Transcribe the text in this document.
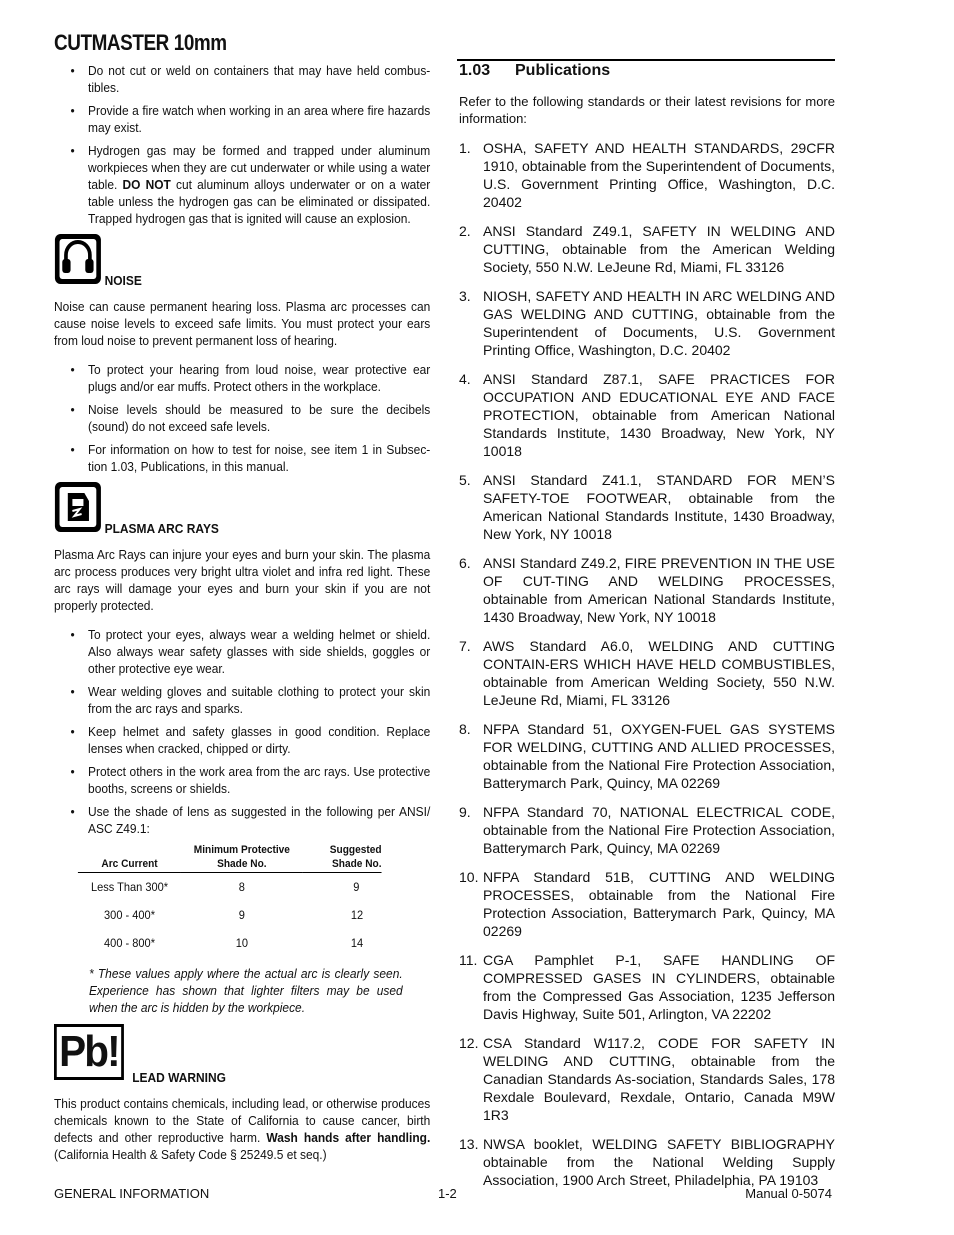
CUTMASTER 10mm
• Do not cut or weld on containers that may have held combus-tibles.
• Provide a fire watch when working in an area where fire hazards may exist.
• Hydrogen gas may be formed and trapped under aluminum workpieces when they are cut underwater or while using a water table. DO NOT cut aluminum alloys underwater or on a water table unless the hydrogen gas can be eliminated or dissipated. Trapped hydrogen gas that is ignited will cause an explosion.
NOISE

Noise can cause permanent hearing loss. Plasma arc processes can cause noise levels to exceed safe limits. You must protect your ears from loud noise to prevent permanent loss of hearing.

• To protect your hearing from loud noise, wear protective ear plugs and/or ear muffs. Protect others in the workplace.
• Noise levels should be measured to be sure the decibels (sound) do not exceed safe levels.
• For information on how to test for noise, see item 1 in Subsec-tion 1.03, Publications, in this manual.
PLASMA ARC RAYS

Plasma Arc Rays can injure your eyes and burn your skin. The plasma arc process produces very bright ultra violet and infra red light. These arc rays will damage your eyes and burn your skin if you are not properly protected.

• To protect your eyes, always wear a welding helmet or shield. Also always wear safety glasses with side shields, goggles or other protective eye wear.
• Wear welding gloves and suitable clothing to protect your skin from the arc rays and sparks.
• Keep helmet and safety glasses in good condition. Replace lenses when cracked, chipped or dirty.
• Protect others in the work area from the arc rays. Use protective booths, screens or shields.
• Use the shade of lens as suggested in the following per ANSI/ ASC Z49.1:
Arc Current	Minimum Protective Shade No.	Suggested Shade No.
Less Than 300*	8	9
300 - 400*	9	12
400 - 800*	10	14

* These values apply where the actual arc is clearly seen. Experience has shown that lighter filters may be used when the arc is hidden by the workpiece.

Pb!
LEAD WARNING

This product contains chemicals, including lead, or otherwise produces chemicals known to the State of California to cause cancer, birth defects and other reproductive harm. Wash hands after handling. (California Health & Safety Code § 25249.5 et seq.)

1.03 Publications

Refer to the following standards or their latest revisions for more information:

1. OSHA, SAFETY AND HEALTH STANDARDS, 29CFR 1910, obtainable from the Superintendent of Documents, U.S. Government Printing Office, Washington, D.C. 20402
2. ANSI Standard Z49.1, SAFETY IN WELDING AND CUTTING, obtainable from the American Welding Society, 550 N.W. LeJeune Rd, Miami, FL 33126
3. NIOSH, SAFETY AND HEALTH IN ARC WELDING AND GAS WELDING AND CUTTING, obtainable from the Superintendent of Documents, U.S. Government Printing Office, Washington, D.C. 20402
4. ANSI Standard Z87.1, SAFE PRACTICES FOR OCCUPATION AND EDUCATIONAL EYE AND FACE PROTECTION, obtainable from American National Standards Institute, 1430 Broadway, New York, NY 10018
5. ANSI Standard Z41.1, STANDARD FOR MEN’S SAFETY-TOE FOOTWEAR, obtainable from the American National Standards Institute, 1430 Broadway, New York, NY 10018
6. ANSI Standard Z49.2, FIRE PREVENTION IN THE USE OF CUT-TING AND WELDING PROCESSES, obtainable from American National Standards Institute, 1430 Broadway, New York, NY 10018
7. AWS Standard A6.0, WELDING AND CUTTING CONTAIN-ERS WHICH HAVE HELD COMBUSTIBLES, obtainable from American Welding Society, 550 N.W. LeJeune Rd, Miami, FL 33126
8. NFPA Standard 51, OXYGEN-FUEL GAS SYSTEMS FOR WELDING, CUTTING AND ALLIED PROCESSES, obtainable from the National Fire Protection Association, Batterymarch Park, Quincy, MA 02269
9. NFPA Standard 70, NATIONAL ELECTRICAL CODE, obtainable from the National Fire Protection Association, Batterymarch Park, Quincy, MA 02269
10. NFPA Standard 51B, CUTTING AND WELDING PROCESSES, obtainable from the National Fire Protection Association, Batterymarch Park, Quincy, MA 02269
11. CGA Pamphlet P-1, SAFE HANDLING OF COMPRESSED GASES IN CYLINDERS, obtainable from the Compressed Gas Association, 1235 Jefferson Davis Highway, Suite 501, Arlington, VA 22202
12. CSA Standard W117.2, CODE FOR SAFETY IN WELDING AND CUTTING, obtainable from the Canadian Standards As-sociation, Standards Sales, 178 Rexdale Boulevard, Rexdale, Ontario, Canada M9W 1R3
13. NWSA booklet, WELDING SAFETY BIBLIOGRAPHY obtainable from the National Welding Supply Association, 1900 Arch Street, Philadelphia, PA 19103
GENERAL INFORMATION	1-2	Manual 0-5074
